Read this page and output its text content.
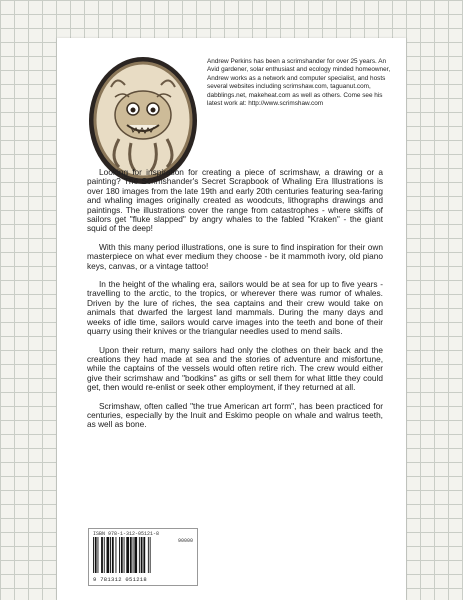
Andrew Perkins has been a scrimshander for over 25 years. An Avid gardener, solar enthusiast and ecology minded homeowner, Andrew works as a network and computer specialist, and hosts several websites including scrimshaw.com, taguanut.com, dabblings.net, makeheat.com as well as others. Come see his latest work at: http://www.scrimshaw.com

Looking for inspiration for creating a piece of scrimshaw, a drawing or a painting? The Scrimshander's Secret Scrapbook of Whaling Era Illustrations is over 180 images from the late 19th and early 20th centuries featuring sea-faring and whaling images originally created as woodcuts, lithographs drawings and paintings. The illustrations cover the range from catastrophes - where skiffs of sailors get "fluke slapped" by angry whales to the fabled "Kraken" - the giant squid of the deep!

With this many period illustrations, one is sure to find inspiration for their own masterpiece on what ever medium they choose - be it mammoth ivory, old piano keys, canvas, or a vintage tattoo!

In the height of the whaling era, sailors would be at sea for up to five years - travelling to the arctic, to the tropics, or wherever there was rumor of whales. Driven by the lure of riches, the sea captains and their crew would take on animals that dwarfed the largest land mammals. During the many days and weeks of idle time, sailors would carve images into the teeth and bone of their quarry using their knives or the triangular needles used to mend sails.

Upon their return, many sailors had only the clothes on their back and the creations they had made at sea and the stories of adventure and misfortune, while the captains of the vessels would often retire rich. The crew would either give their scrimshaw and "bodkins" as gifts or sell them for what little they could get, then would re-enlist or seek other employment, if they returned at all.

Scrimshaw, often called "the true American art form", has been practiced for centuries, especially by the Inuit and Eskimo people on whale and walrus teeth, as well as bone.

ISBN 978-1-312-05121-8
90000
9 781312 051218
